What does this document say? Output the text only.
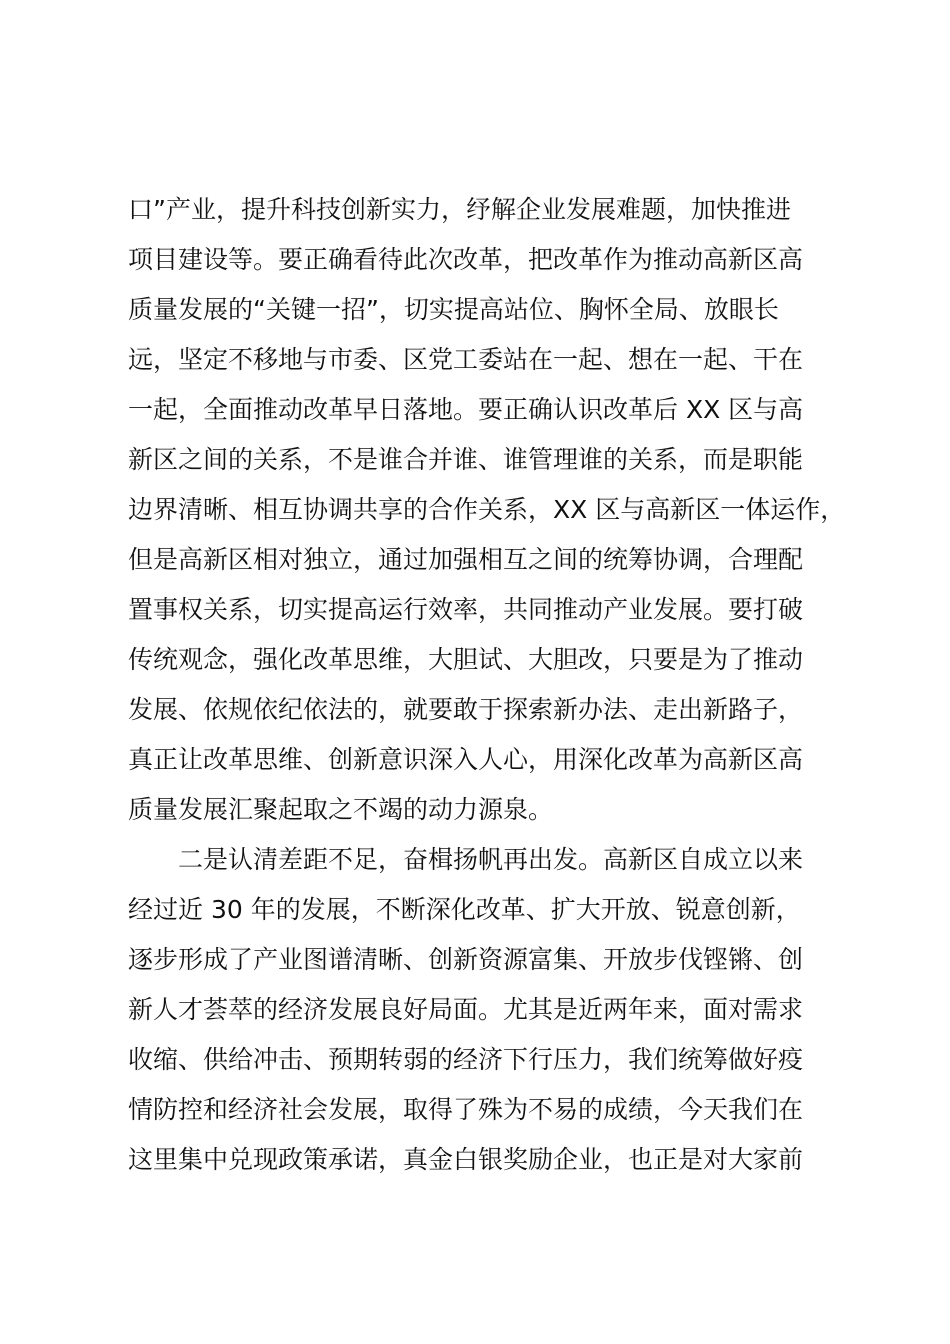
口”产业，提升科技创新实力，纾解企业发展难题，加快推进
项目建设等。要正确看待此次改革，把改革作为推动高新区高
质量发展的“关键一招”，切实提高站位、胸怀全局、放眼长
远，坚定不移地与市委、区党工委站在一起、想在一起、干在
一起，全面推动改革早日落地。要正确认识改革后 XX 区与高
新区之间的关系，不是谁合并谁、谁管理谁的关系，而是职能
边界清晰、相互协调共享的合作关系，XX 区与高新区一体运作，
但是高新区相对独立，通过加强相互之间的统筹协调，合理配
置事权关系，切实提高运行效率，共同推动产业发展。要打破
传统观念，强化改革思维，大胆试、大胆改，只要是为了推动
发展、依规依纪依法的，就要敢于探索新办法、走出新路子，
真正让改革思维、创新意识深入人心，用深化改革为高新区高
质量发展汇聚起取之不竭的动力源泉。
二是认清差距不足，奋楫扬帆再出发。高新区自成立以来
经过近 30 年的发展，不断深化改革、扩大开放、锐意创新，
逐步形成了产业图谱清晰、创新资源富集、开放步伐铿锵、创
新人才荟萃的经济发展良好局面。尤其是近两年来，面对需求
收缩、供给冲击、预期转弱的经济下行压力，我们统筹做好疫
情防控和经济社会发展，取得了殊为不易的成绩，今天我们在
这里集中兑现政策承诺，真金白银奖励企业，也正是对大家前
